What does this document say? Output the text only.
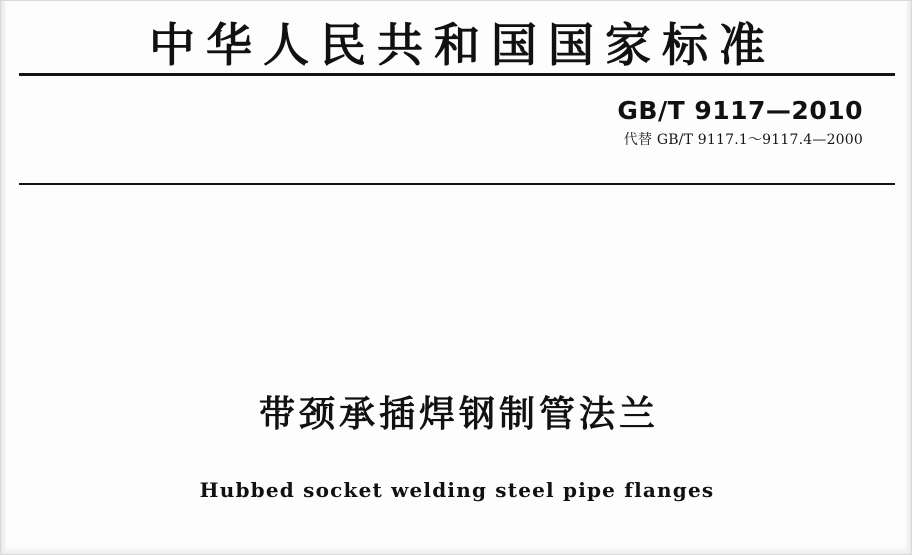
中华人民共和国国家标准
GB/T 9117—2010
代替 GB/T 9117.1～9117.4—2000
带颈承插焊钢制管法兰
Hubbed socket welding steel pipe flanges
